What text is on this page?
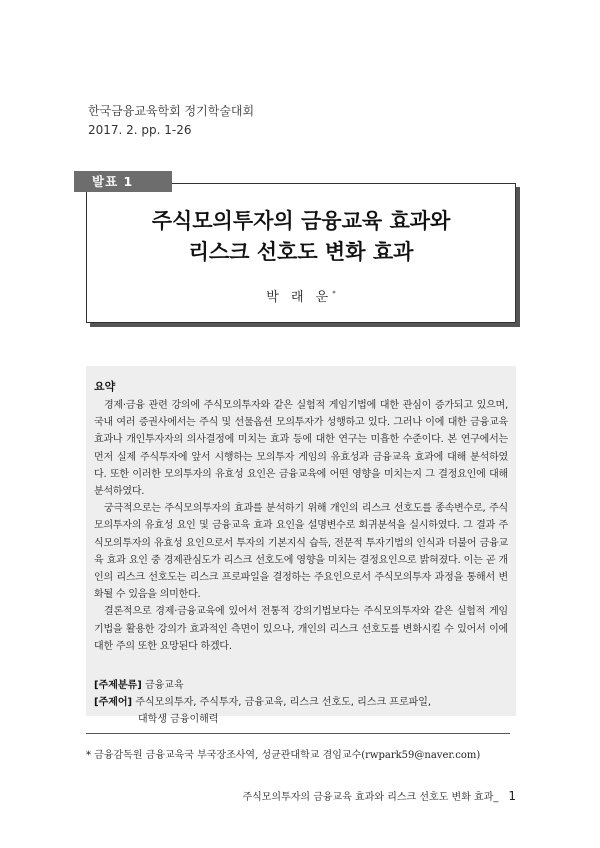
한국금융교육학회 정기학술대회
2017. 2. pp. 1-26
주식모의투자의 금융교육 효과와
리스크 선호도 변화 효과
박 래 운*
발표 1
요약

경제·금융 관련 강의에 주식모의투자와 같은 실험적 게임기법에 대한 관심이 증가되고 있으며, 국내 여러 증권사에서는 주식 및 선물옵션 모의투자가 성행하고 있다. 그러나 이에 대한 금융교육 효과나 개인투자자의 의사결정에 미치는 효과 등에 대한 연구는 미흡한 수준이다. 본 연구에서는 먼저 실제 주식투자에 앞서 시행하는 모의투자 게임의 유효성과 금융교육 효과에 대해 분석하였다. 또한 이러한 모의투자의 유효성 요인은 금융교육에 어떤 영향을 미치는지 그 결정요인에 대해 분석하였다.

궁극적으로는 주식모의투자의 효과를 분석하기 위해 개인의 리스크 선호도를 종속변수로, 주식모의투자의 유효성 요인 및 금융교육 효과 요인을 설명변수로 회귀분석을 실시하였다. 그 결과 주식모의투자의 유효성 요인으로서 투자의 기본지식 습득, 전문적 투자기법의 인식과 더불어 금융교육 효과 요인 중 경제관심도가 리스크 선호도에 영향을 미치는 결정요인으로 밝혀졌다. 이는 곧 개인의 리스크 선호도는 리스크 프로파일을 결정하는 주요인으로서 주식모의투자 과정을 통해서 변화될 수 있음을 의미한다.

결론적으로 경제·금융교육에 있어서 전통적 강의기법보다는 주식모의투자와 같은 실험적 게임기법을 활용한 강의가 효과적인 측면이 있으나, 개인의 리스크 선호도를 변화시킬 수 있어서 이에 대한 주의 또한 요망된다 하겠다.

[주제분류]
금융교육
[주제어]
주식모의투자, 주식투자, 금융교육, 리스크 선호도, 리스크 프로파일,
대학생 금융이해력
* 금융감독원 금융교육국 부국장조사역, 성균관대학교 겸임교수(rwpark59@naver.com)
주식모의투자의 금융교육 효과와 리스크 선호도 변화 효과_ 1
